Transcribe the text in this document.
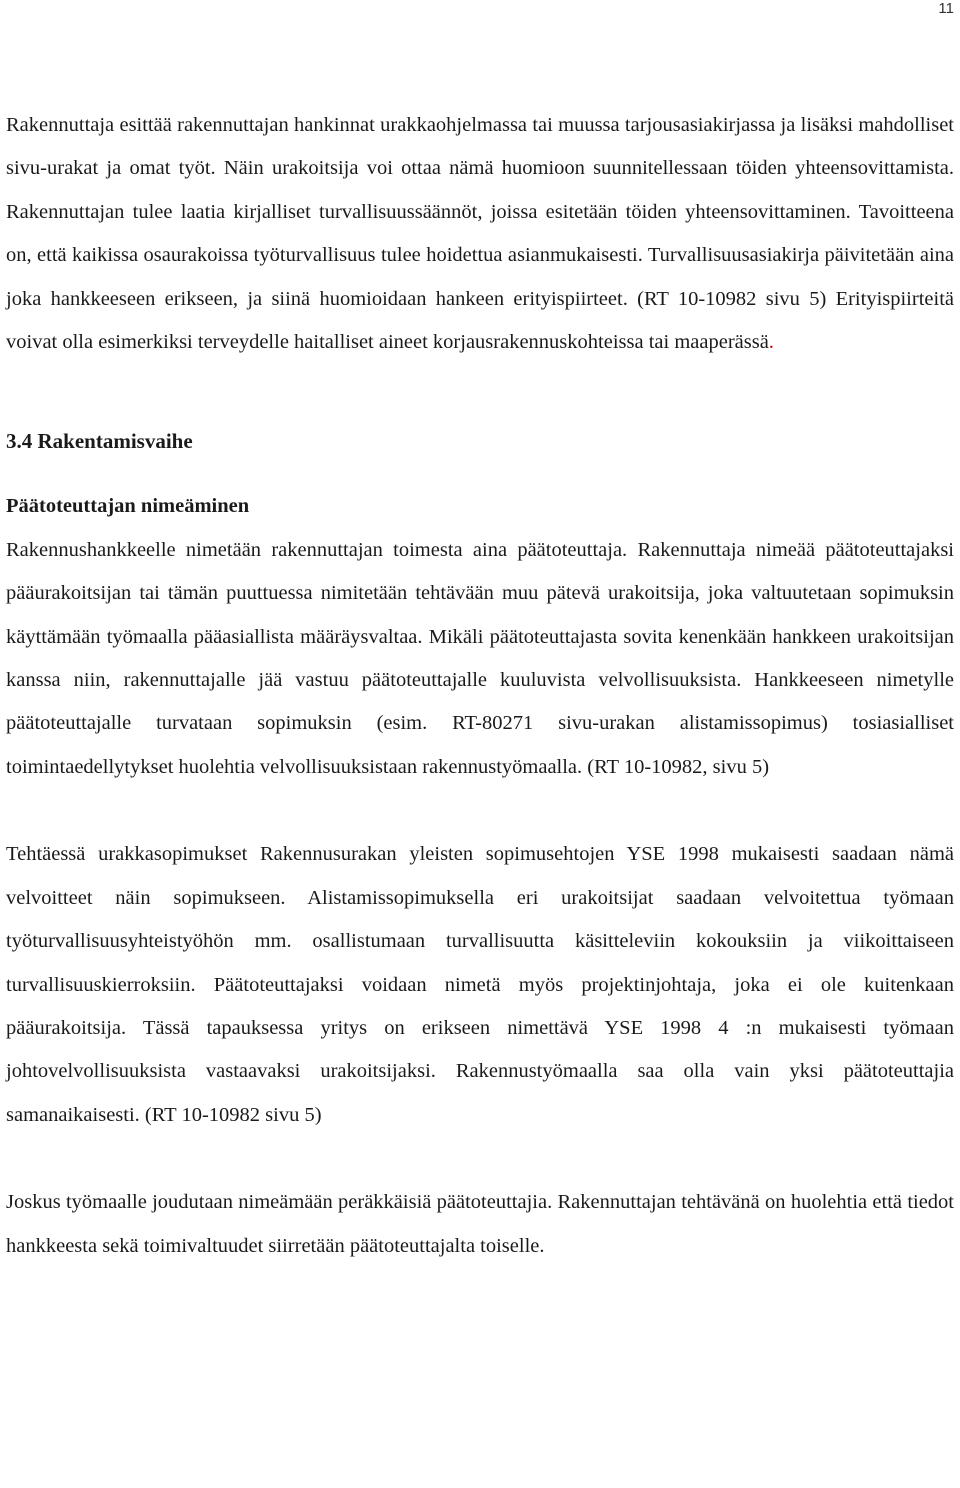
11

Rakennuttaja esittää rakennuttajan hankinnat urakkaohjelmassa tai muussa tarjousasiakirjassa ja lisäksi mahdolliset sivu-urakat ja omat työt. Näin urakoitsija voi ottaa nämä huomioon suunnitellessaan töiden yhteensovittamista. Rakennuttajan tulee laatia kirjalliset turvallisuussäännöt, joissa esitetään töiden yhteensovittaminen. Tavoitteena on, että kaikissa osaurakoissa työturvallisuus tulee hoidettua asianmukaisesti. Turvallisuusasiakirja päivitetään aina joka hankkeeseen erikseen, ja siinä huomioidaan hankeen erityispiirteet. (RT 10-10982 sivu 5) Erityispiirteitä voivat olla esimerkiksi terveydelle haitalliset aineet korjausrakennuskohteissa tai maaperässä.

3.4 Rakentamisvaihe
Päätoteuttajan nimeäminen

Rakennushankkeelle nimetään rakennuttajan toimesta aina päätoteuttaja. Rakennuttaja nimeää päätoteuttajaksi pääurakoitsijan tai tämän puuttuessa nimitetään tehtävään muu pätevä urakoitsija, joka valtuutetaan sopimuksin käyttämään työmaalla pääasiallista määräysvaltaa. Mikäli päätoteuttajasta sovita kenenkään hankkeen urakoitsijan kanssa niin, rakennuttajalle jää vastuu päätoteuttajalle kuuluvista velvollisuuksista. Hankkeeseen nimetylle päätoteuttajalle turvataan sopimuksin (esim. RT-80271 sivu-urakan alistamissopimus) tosiasialliset toimintaedellytykset huolehtia velvollisuuksistaan rakennustyömaalla. (RT 10-10982, sivu 5)

Tehtäessä urakkasopimukset Rakennusurakan yleisten sopimusehtojen YSE 1998 mukaisesti saadaan nämä velvoitteet näin sopimukseen. Alistamissopimuksella eri urakoitsijat saadaan velvoitettua työmaan työturvallisuusyhteistyöhön mm. osallistumaan turvallisuutta käsitteleviin kokouksiin ja viikoittaiseen turvallisuuskierroksiin. Päätoteuttajaksi voidaan nimetä myös projektinjohtaja, joka ei ole kuitenkaan pääurakoitsija. Tässä tapauksessa yritys on erikseen nimettävä YSE 1998 4 :n mukaisesti työmaan johtovelvollisuuksista vastaavaksi urakoitsijaksi. Rakennustyömaalla saa olla vain yksi päätoteuttajia samanaikaisesti. (RT 10-10982 sivu 5)

Joskus työmaalle joudutaan nimeämään peräkkäisiä päätoteuttajia. Rakennuttajan tehtävänä on huolehtia että tiedot hankkeesta sekä toimivaltuudet siirretään päätoteuttajalta toiselle.
